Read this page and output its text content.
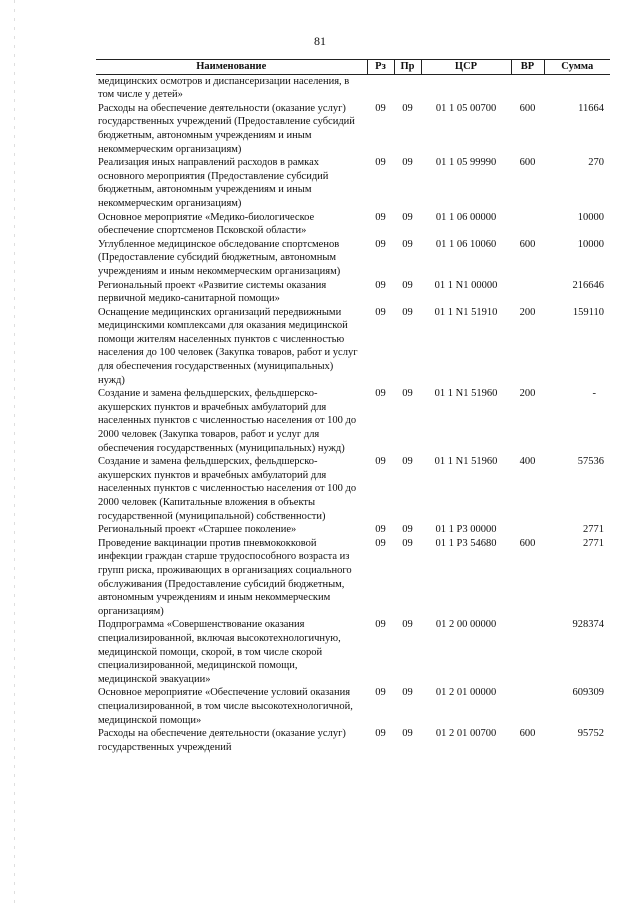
81
Наименование	Рз	Пр	ЦСР	ВР	Сумма
медицинских осмотров и диспансеризации населения, в том числе у детей»					
Расходы на обеспечение деятельности (оказание услуг) государственных учреждений (Предоставление субсидий бюджетным, автономным учреждениям и иным некоммерческим организациям)	09	09	01 1 05 00700	600	11664
Реализация иных направлений расходов в рамках основного мероприятия (Предоставление субсидий бюджетным, автономным учреждениям и иным некоммерческим организациям)	09	09	01 1 05 99990	600	270
Основное мероприятие «Медико-биологическое обеспечение спортсменов Псковской области»	09	09	01 1 06 00000		10000
Углубленное медицинское обследование спортсменов (Предоставление субсидий бюджетным, автономным учреждениям и иным некоммерческим организациям)	09	09	01 1 06 10060	600	10000
Региональный проект «Развитие системы оказания первичной медико-санитарной помощи»	09	09	01 1 N1 00000		216646
Оснащение медицинских организаций передвижными медицинскими комплексами для оказания медицинской помощи жителям населенных пунктов с численностью населения до 100 человек (Закупка товаров, работ и услуг для обеспечения государственных (муниципальных) нужд)	09	09	01 1 N1 51910	200	159110
Создание и замена фельдшерских, фельдшерско-акушерских пунктов и врачебных амбулаторий для населенных пунктов с численностью населения от 100 до 2000 человек (Закупка товаров, работ и услуг для обеспечения государственных (муниципальных) нужд)	09	09	01 1 N1 51960	200	-
Создание и замена фельдшерских, фельдшерско-акушерских пунктов и врачебных амбулаторий для населенных пунктов с численностью населения от 100 до 2000 человек (Капитальные вложения в объекты государственной (муниципальной) собственности)	09	09	01 1 N1 51960	400	57536
Региональный проект «Старшее поколение»	09	09	01 1 P3 00000		2771
Проведение вакцинации против пневмококковой инфекции граждан старше трудоспособного возраста из групп риска, проживающих в организациях социального обслуживания (Предоставление субсидий бюджетным, автономным учреждениям и иным некоммерческим организациям)	09	09	01 1 P3 54680	600	2771
Подпрограмма «Совершенствование оказания специализированной, включая высокотехнологичную, медицинской помощи, скорой, в том числе скорой специализированной, медицинской помощи, медицинской эвакуации»	09	09	01 2 00 00000		928374
Основное мероприятие «Обеспечение условий оказания специализированной, в том числе высокотехнологичной, медицинской помощи»	09	09	01 2 01 00000		609309
Расходы на обеспечение деятельности (оказание услуг) государственных учреждений	09	09	01 2 01 00700	600	95752
